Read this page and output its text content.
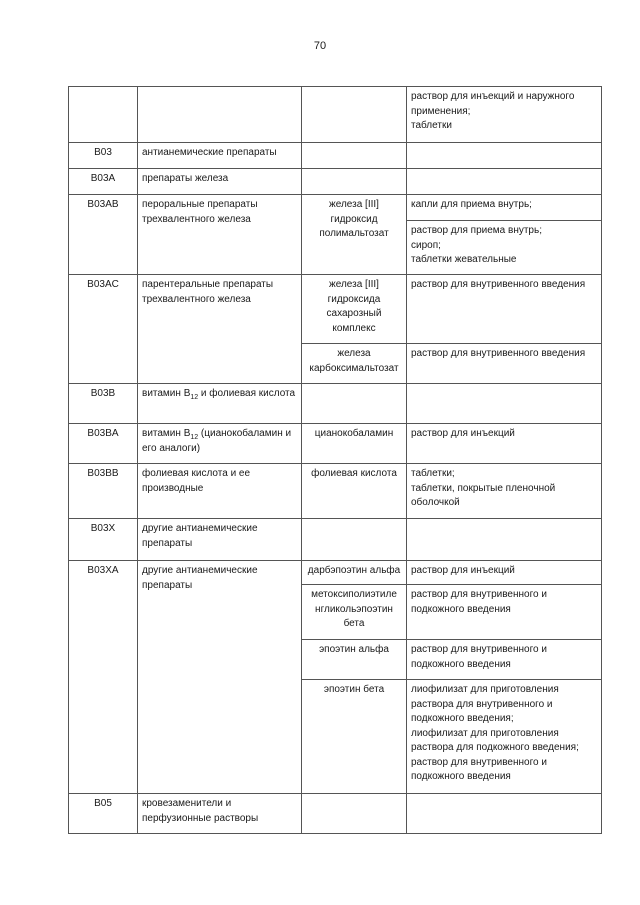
70

			раствор для инъекций и наружного применения;
таблетки

B03	антианемические препараты		
B03A	препараты железа		
B03AB	пероральные препараты трехвалентного железа	железа [III] гидроксид полимальтозат	капли для приема внутрь;

			раствор для приема внутрь;
сироп;
таблетки жевательные

B03AC	парентеральные препараты трехвалентного железа	железа [III] гидроксида сахарозный комплекс	раствор для внутривенного введения

		железа карбоксимальтозат	раствор для внутривенного введения

B03B	витамин $В_{12}$ и фолиевая кислота		
B03BA	витамин $В_{12}$ (цианокобаламин и его аналоги)	цианокобаламин	раствор для инъекций

B03BB	фолиевая кислота и ее производные	фолиевая кислота	таблетки;
таблетки, покрытые пленочной оболочкой

B03X	другие антианемические препараты		
B03XA	другие антианемические препараты	дарбэпоэтин альфа	раствор для инъекций

		метоксиполиэтиле нгликольэпоэтин бета	раствор для внутривенного и подкожного введения

		эпоэтин альфа	раствор для внутривенного и подкожного введения

		эпоэтин бета	лиофилизат для приготовления раствора для внутривенного и подкожного введения;
лиофилизат для приготовления раствора для подкожного введения;
раствор для внутривенного и подкожного введения

B05	кровезаменители и перфузионные растворы		
